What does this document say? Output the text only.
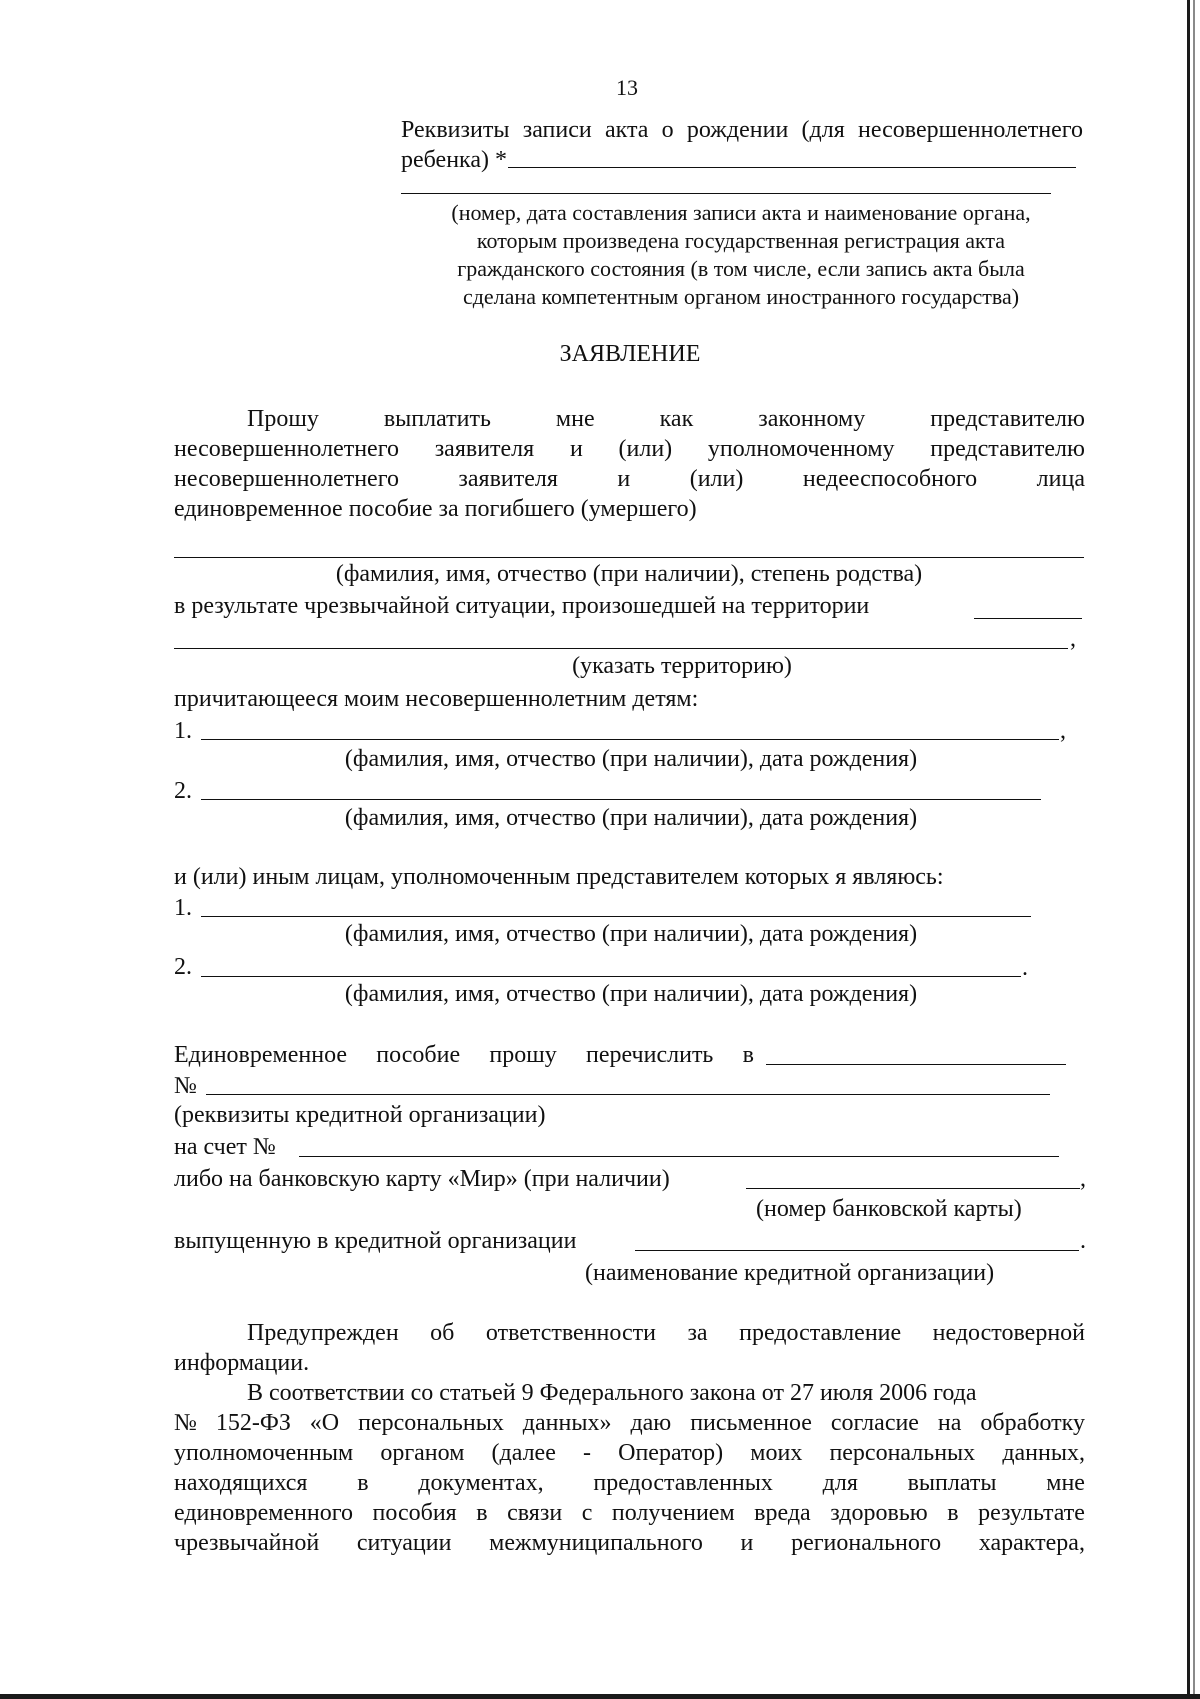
13
Реквизиты записи акта о рождении (для несовершеннолетнего
ребенка) *
(номер, дата составления записи акта и наименование органа,
которым произведена государственная регистрация акта
гражданского состояния (в том числе, если запись акта была
сделана компетентным органом иностранного государства)
ЗАЯВЛЕНИЕ
Прошу	выплатить	мне	как	законному	представителю
несовершеннолетнего заявителя и (или) уполномоченному представителю
несовершеннолетнего заявителя и (или) недееспособного лица
единовременное пособие за погибшего (умершего)
(фамилия, имя, отчество (при наличии), степень родства)
в результате чрезвычайной ситуации, произошедшей на территории
,
(указать территорию)
причитающееся моим несовершеннолетним детям:
1.	,
(фамилия, имя, отчество (при наличии), дата рождения)
2.
(фамилия, имя, отчество (при наличии), дата рождения)
и (или) иным лицам, уполномоченным представителем которых я являюсь:
1.
(фамилия, имя, отчество (при наличии), дата рождения)
2.	.
(фамилия, имя, отчество (при наличии), дата рождения)
Единовременное пособие прошу перечислить в
№
(реквизиты кредитной организации)
на счет №
либо на банковскую карту «Мир» (при наличии)	,
(номер банковской карты)
выпущенную в кредитной организации	.
(наименование кредитной организации)
Предупрежден об ответственности за предоставление недостоверной
информации.
В соответствии со статьей 9 Федерального закона от 27 июля 2006 года
№ 152-ФЗ «О персональных данных» даю письменное согласие на обработку
уполномоченным органом (далее - Оператор) моих персональных данных,
находящихся в документах, предоставленных для выплаты мне
единовременного пособия в связи с получением вреда здоровью в результате
чрезвычайной ситуации межмуниципального и регионального характера,
